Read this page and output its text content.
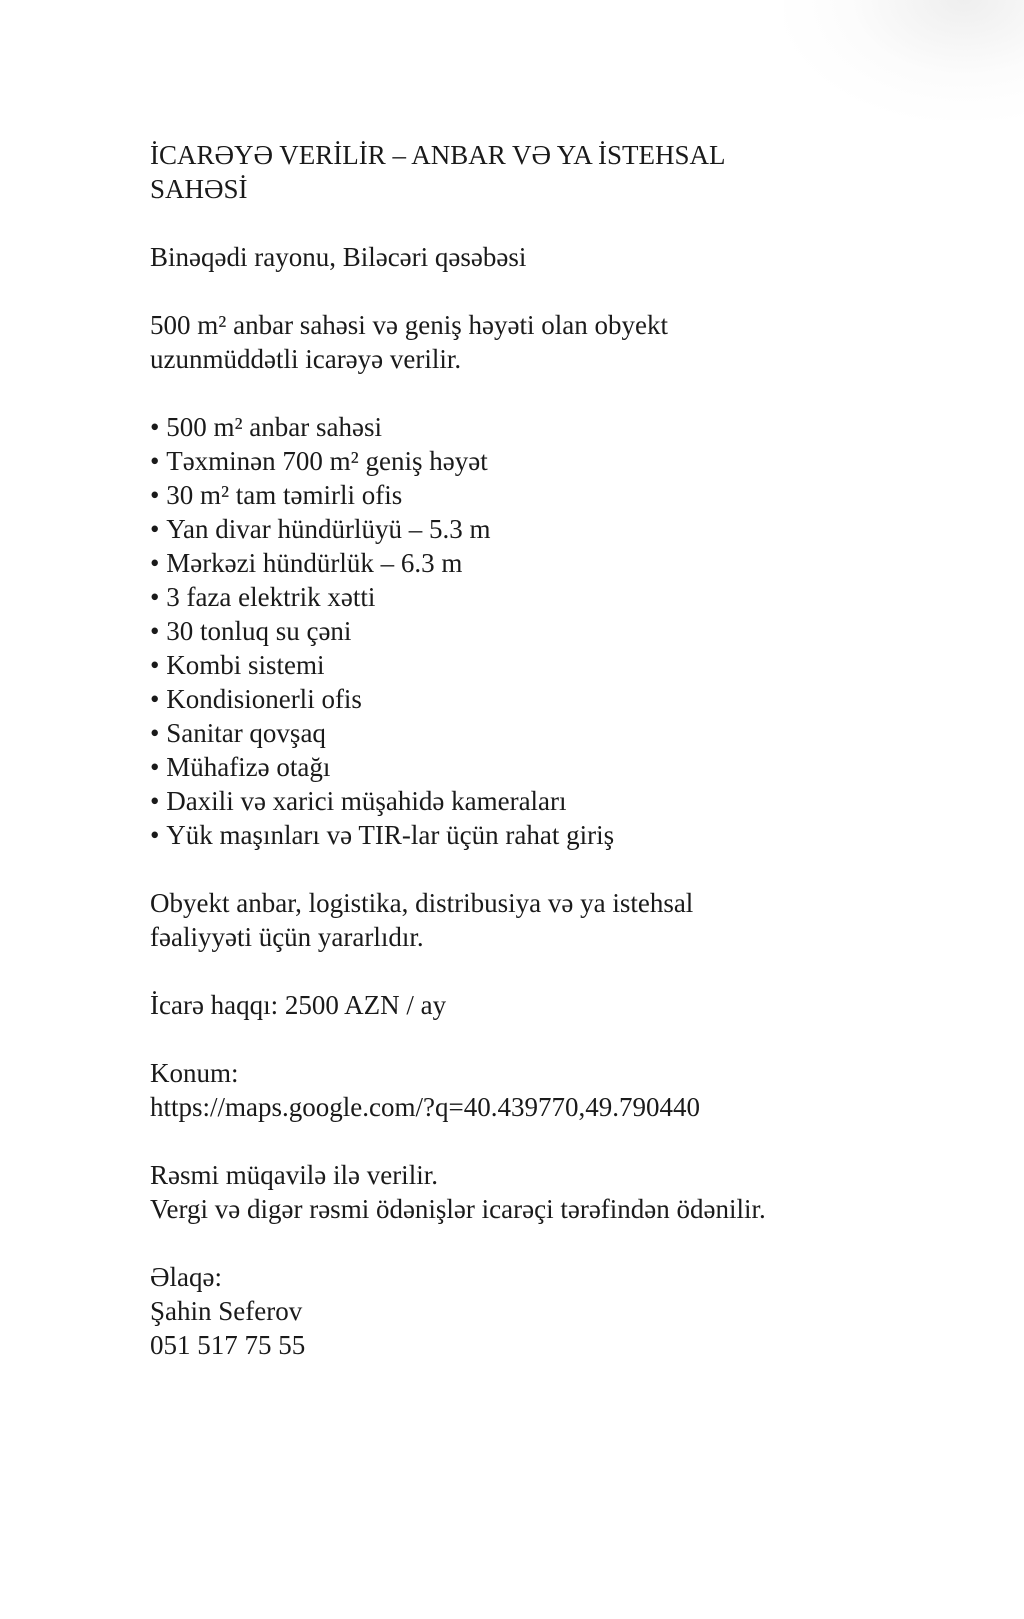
İCARƏYƏ VERİLİR – ANBAR VƏ YA İSTEHSAL SAHƏSİ

Binəqədi rayonu, Biləcəri qəsəbəsi

500 m² anbar sahəsi və geniş həyəti olan obyekt

uzunmüddətli icarəyə verilir.

• 500 m² anbar sahəsi
• Təxminən 700 m² geniş həyət
• 30 m² tam təmirli ofis
• Yan divar hündürlüyü – 5.3 m
• Mərkəzi hündürlük – 6.3 m
• 3 faza elektrik xətti
• 30 tonluq su çəni
• Kombi sistemi
• Kondisionerli ofis
• Sanitar qovşaq
• Mühafizə otağı
• Daxili və xarici müşahidə kameraları
• Yük maşınları və TIR-lar üçün rahat giriş

Obyekt anbar, logistika, distribusiya və ya istehsal

fəaliyyəti üçün yararlıdır.

İcarə haqqı: 2500 AZN / ay

Konum:

https://maps.google.com/?q=40.439770,49.790440

Rəsmi müqavilə ilə verilir.

Vergi və digər rəsmi ödənişlər icarəçi tərəfindən ödənilir.

Əlaqə:

Şahin Seferov

051 517 75 55
